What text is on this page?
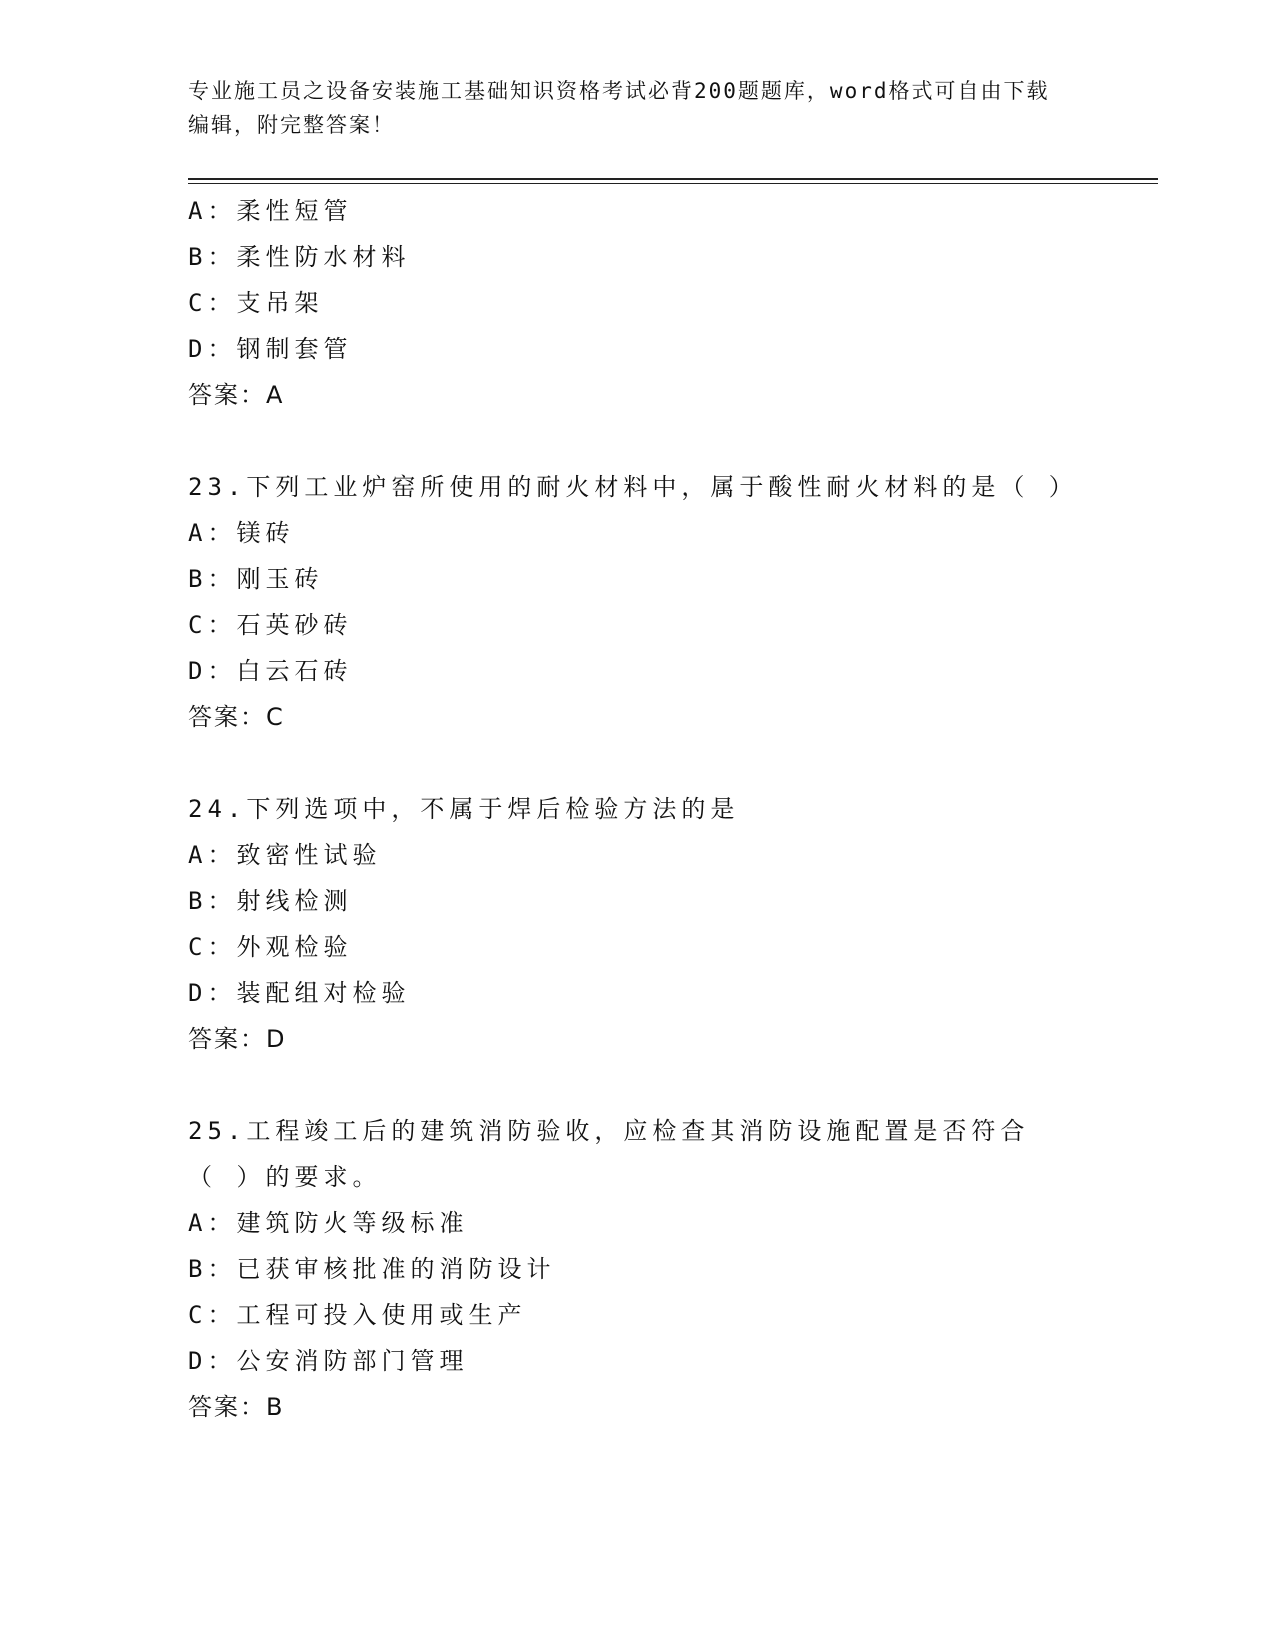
专业施工员之设备安装施工基础知识资格考试必背200题题库，word格式可自由下载编辑，附完整答案！
A：柔性短管
B：柔性防水材料
C：支吊架
D：钢制套管
答案：A
23.下列工业炉窑所使用的耐火材料中，属于酸性耐火材料的是（ ）
A：镁砖
B：刚玉砖
C：石英砂砖
D：白云石砖
答案：C
24.下列选项中，不属于焊后检验方法的是
A：致密性试验
B：射线检测
C：外观检验
D：装配组对检验
答案：D
25.工程竣工后的建筑消防验收，应检查其消防设施配置是否符合（ ）的要求。
A：建筑防火等级标准
B：已获审核批准的消防设计
C：工程可投入使用或生产
D：公安消防部门管理
答案：B
